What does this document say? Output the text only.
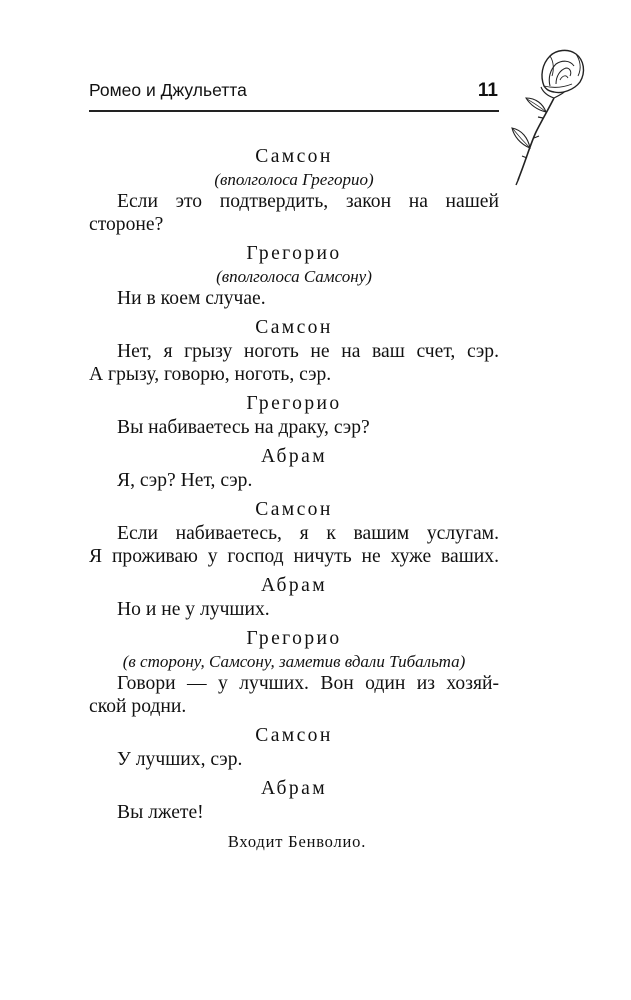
Ромео и Джульетта	11
Самсон
(вполголоса Грегорио)
Если это подтвердить, закон на нашей
стороне?
Грегорио
(вполголоса Самсону)
Ни в коем случае.
Самсон
Нет, я грызу ноготь не на ваш счет, сэр.
А грызу, говорю, ноготь, сэр.
Грегорио
Вы набиваетесь на драку, сэр?
Абрам
Я, сэр? Нет, сэр.
Самсон
Если набиваетесь, я к вашим услугам.
Я проживаю у господ ничуть не хуже ваших.
Абрам
Но и не у лучших.
Грегорио
(в сторону, Самсону, заметив вдали Тибальта)
Говори — у лучших. Вон один из хозяй-
ской родни.
Самсон
У лучших, сэр.
Абрам
Вы лжете!
Входит Бенволио.
